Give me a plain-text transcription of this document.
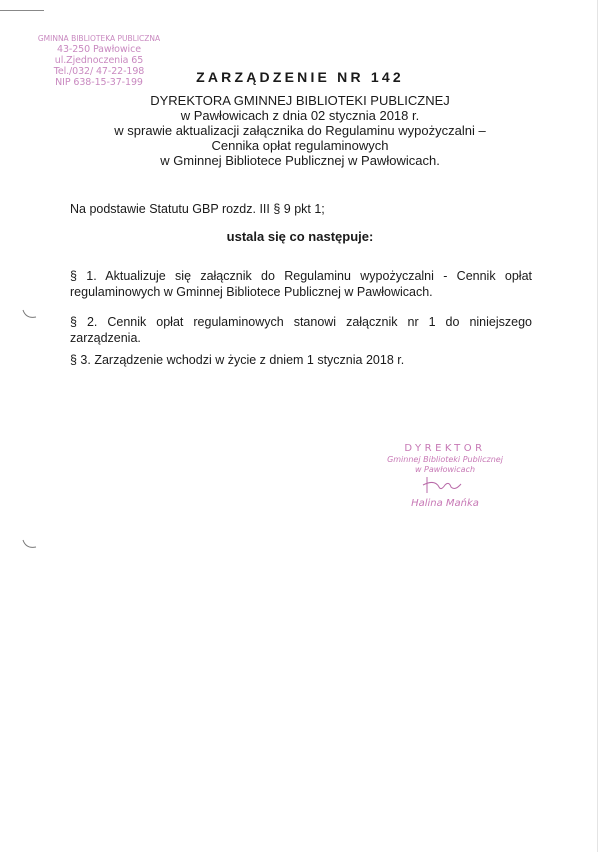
GMINNA BIBLIOTEKA PUBLICZNA
43-250 Pawłowice
ul.Zjednoczenia 65
Tel./032/ 47-22-198
NIP 638-15-37-199	ZARZĄDZENIE NR 142
DYREKTORA GMINNEJ BIBLIOTEKI PUBLICZNEJ
w Pawłowicach z dnia 02 stycznia 2018 r.
w sprawie aktualizacji załącznika do Regulaminu wypożyczalni –
Cennika opłat regulaminowych
w Gminnej Bibliotece Publicznej w Pawłowicach.
Na podstawie Statutu GBP rozdz. III § 9 pkt 1;
ustala się co następuje:
§ 1. Aktualizuje się załącznik do Regulaminu wypożyczalni - Cennik opłat
regulaminowych w Gminnej Bibliotece Publicznej w Pawłowicach.
§ 2. Cennik opłat regulaminowych stanowi załącznik nr 1 do niniejszego
zarządzenia.
§ 3. Zarządzenie wchodzi w życie z dniem 1 stycznia 2018 r.
DYREKTOR
Gminnej Biblioteki Publicznej
w Pawłowicach
Halina Mańka
